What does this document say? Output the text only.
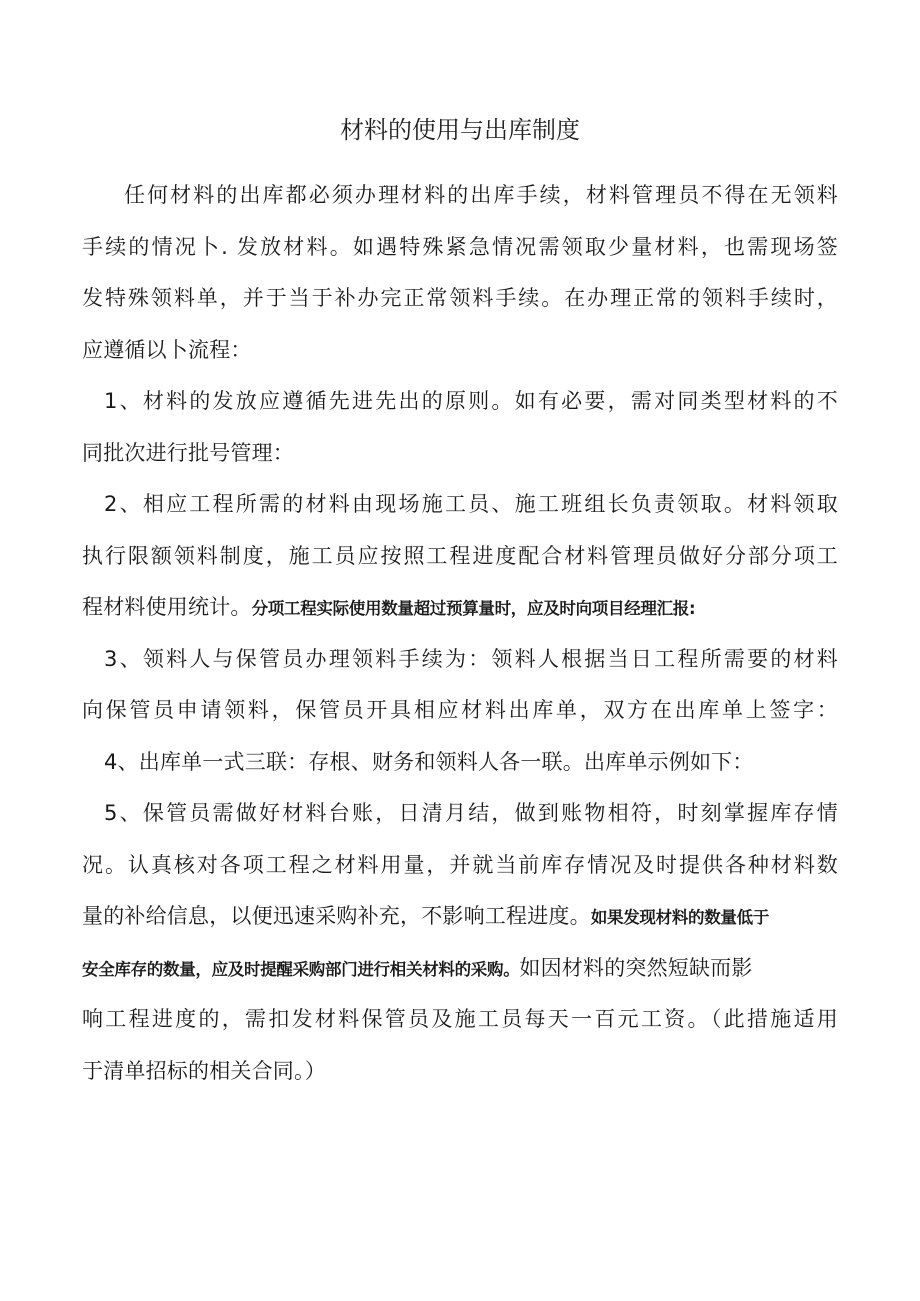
材料的使用与出库制度
任何材料的出库都必须办理材料的出库手续，材料管理员不得在无领料
手续的情况卜. 发放材料。如遇特殊紧急情况需领取少量材料，也需现场签
发特殊领料单，并于当于补办完正常领料手续。在办理正常的领料手续时，
应遵循以卜流程：
1、材料的发放应遵循先进先出的原则。如有必要，需对同类型材料的不
同批次进行批号管理：
2、相应工程所需的材料由现场施工员、施工班组长负责领取。材料领取
执行限额领料制度，施工员应按照工程进度配合材料管理员做好分部分项工
程材料使用统计。分项工程实际使用数量超过预算量时，应及时向项目经理汇报:
3、领料人与保管员办理领料手续为：领料人根据当日工程所需要的材料
向保管员申请领料，保管员开具相应材料出库单，双方在出库单上签字：
4、出库单一式三联：存根、财务和领料人各一联。出库单示例如下：
5、保管员需做好材料台账，日清月结，做到账物相符，时刻掌握库存情
况。认真核对各项工程之材料用量，并就当前库存情况及时提供各种材料数
量的补给信息，以便迅速采购补充，不影响工程进度。如果发现材料的数量低于
安全库存的数量，应及时提醒采购部门进行相关材料的采购。如因材料的突然短缺而影
响工程进度的，需扣发材料保管员及施工员每天一百元工资。（此措施适用
于清单招标的相关合同。）
